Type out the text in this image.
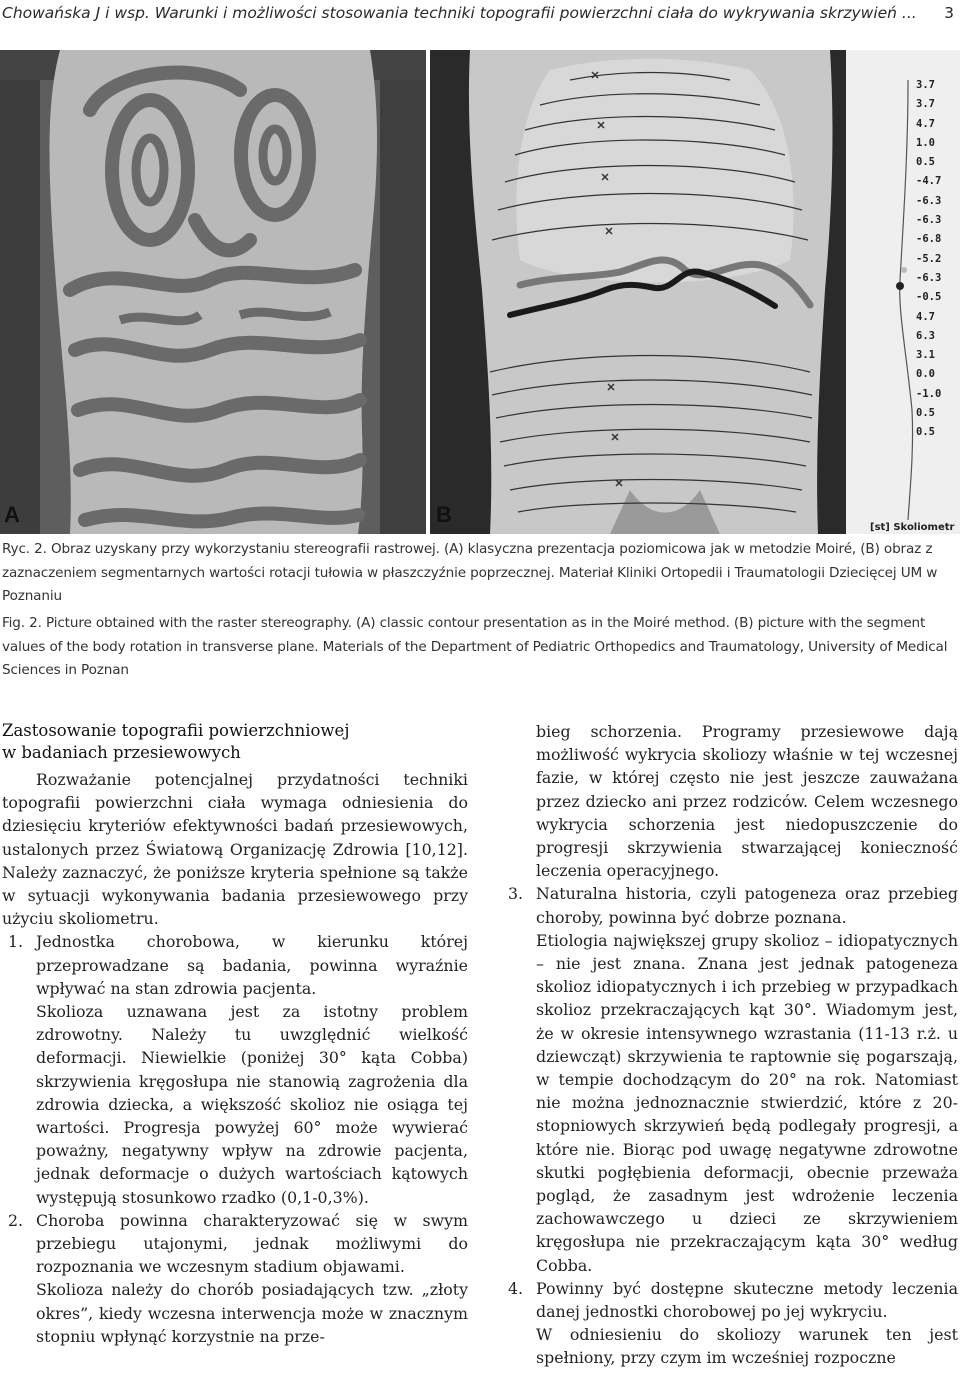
Chowańska J i wsp. Warunki i możliwości stosowania techniki topografii powierzchni ciała do wykrywania skrzywień ... 3
A	B
3.7
3.7
4.7
1.0
0.5
-4.7
-6.3
-6.3
-6.8
-5.2
-6.3
-0.5
4.7
6.3
3.1
0.0
-1.0
0.5
0.5
[st] Skoliometr
Ryc. 2. Obraz uzyskany przy wykorzystaniu stereografii rastrowej. (A) klasyczna prezentacja poziomicowa jak w metodzie Moiré, (B) obraz z zaznaczeniem segmentarnych wartości rotacji tułowia w płaszczyźnie poprzecznej. Materiał Kliniki Ortopedii i Traumatologii Dziecięcej UM w Poznaniu
Fig. 2. Picture obtained with the raster stereography. (A) classic contour presentation as in the Moiré method. (B) picture with the segment values of the body rotation in transverse plane. Materials of the Department of Pediatric Orthopedics and Traumatology, University of Medical Sciences in Poznan
Zastosowanie topografii powierzchniowej
w badaniach przesiewowych

Rozważanie potencjalnej przydatności techniki topografii powierzchni ciała wymaga odniesienia do dziesięciu kryteriów efektywności badań przesiewowych, ustalonych przez Światową Organizację Zdrowia [10,12]. Należy zaznaczyć, że poniższe kryteria spełnione są także w sytuacji wykonywania badania przesiewowego przy użyciu skoliometru.

1. Jednostka chorobowa, w kierunku której przeprowadzane są badania, powinna wyraźnie wpływać na stan zdrowia pacjenta.

Skolioza uznawana jest za istotny problem zdrowotny. Należy tu uwzględnić wielkość deformacji. Niewielkie (poniżej 30° kąta Cobba) skrzywienia kręgosłupa nie stanowią zagrożenia dla zdrowia dziecka, a większość skolioz nie osiąga tej wartości. Progresja powyżej 60° może wywierać poważny, negatywny wpływ na zdrowie pacjenta, jednak deformacje o dużych wartościach kątowych występują stosunkowo rzadko (0,1-0,3%).

2. Choroba powinna charakteryzować się w swym przebiegu utajonymi, jednak możliwymi do rozpoznania we wczesnym stadium objawami.

Skolioza należy do chorób posiadających tzw. „złoty okres”, kiedy wczesna interwencja może w znacznym stopniu wpłynąć korzystnie na prze-

bieg schorzenia. Programy przesiewowe dają możliwość wykrycia skoliozy właśnie w tej wczesnej fazie, w której często nie jest jeszcze zauważana przez dziecko ani przez rodziców. Celem wczesnego wykrycia schorzenia jest niedopuszczenie do progresji skrzywienia stwarzającej konieczność leczenia operacyjnego.

3. Naturalna historia, czyli patogeneza oraz przebieg choroby, powinna być dobrze poznana.

Etiologia największej grupy skolioz – idiopatycznych – nie jest znana. Znana jest jednak patogeneza skolioz idiopatycznych i ich przebieg w przypadkach skolioz przekraczających kąt 30°. Wiadomym jest, że w okresie intensywnego wzrastania (11-13 r.ż. u dziewcząt) skrzywienia te raptownie się pogarszają, w tempie dochodzącym do 20° na rok. Natomiast nie można jednoznacznie stwierdzić, które z 20-stopniowych skrzywień będą podlegały progresji, a które nie. Biorąc pod uwagę negatywne zdrowotne skutki pogłębienia deformacji, obecnie przeważa pogląd, że zasadnym jest wdrożenie leczenia zachowawczego u dzieci ze skrzywieniem kręgosłupa nie przekraczającym kąta 30° według Cobba.

4. Powinny być dostępne skuteczne metody leczenia danej jednostki chorobowej po jej wykryciu.

W odniesieniu do skoliozy warunek ten jest spełniony, przy czym im wcześniej rozpoczne
